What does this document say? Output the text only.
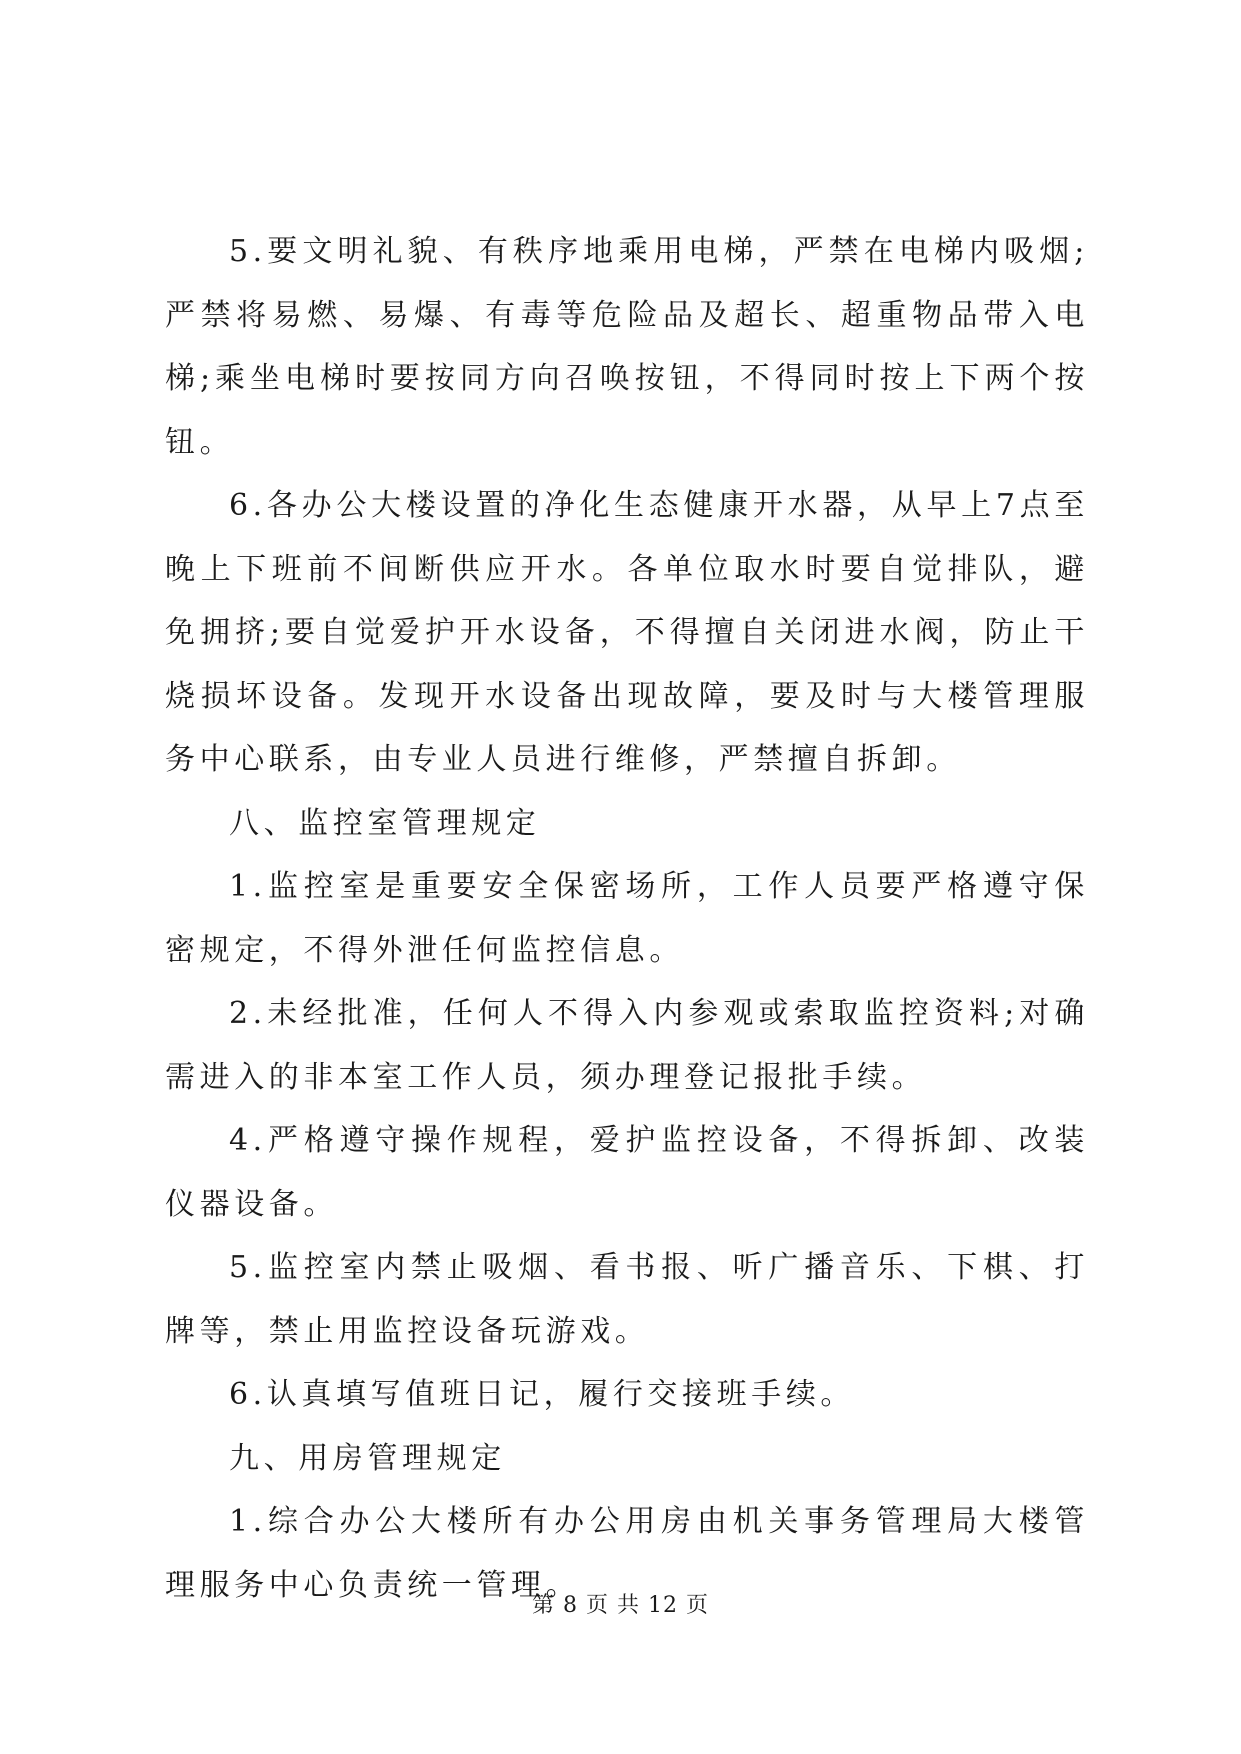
5.要文明礼貌、有秩序地乘用电梯，严禁在电梯内吸烟;严禁将易燃、易爆、有毒等危险品及超长、超重物品带入电梯;乘坐电梯时要按同方向召唤按钮，不得同时按上下两个按钮。

6.各办公大楼设置的净化生态健康开水器，从早上7点至晚上下班前不间断供应开水。各单位取水时要自觉排队，避免拥挤;要自觉爱护开水设备，不得擅自关闭进水阀，防止干烧损坏设备。发现开水设备出现故障，要及时与大楼管理服务中心联系，由专业人员进行维修，严禁擅自拆卸。

八、监控室管理规定

1.监控室是重要安全保密场所，工作人员要严格遵守保密规定，不得外泄任何监控信息。

2.未经批准，任何人不得入内参观或索取监控资料;对确需进入的非本室工作人员，须办理登记报批手续。

4.严格遵守操作规程，爱护监控设备，不得拆卸、改装仪器设备。

5.监控室内禁止吸烟、看书报、听广播音乐、下棋、打牌等，禁止用监控设备玩游戏。

6.认真填写值班日记，履行交接班手续。

九、用房管理规定

1.综合办公大楼所有办公用房由机关事务管理局大楼管理服务中心负责统一管理。

第 8 页 共 12 页
